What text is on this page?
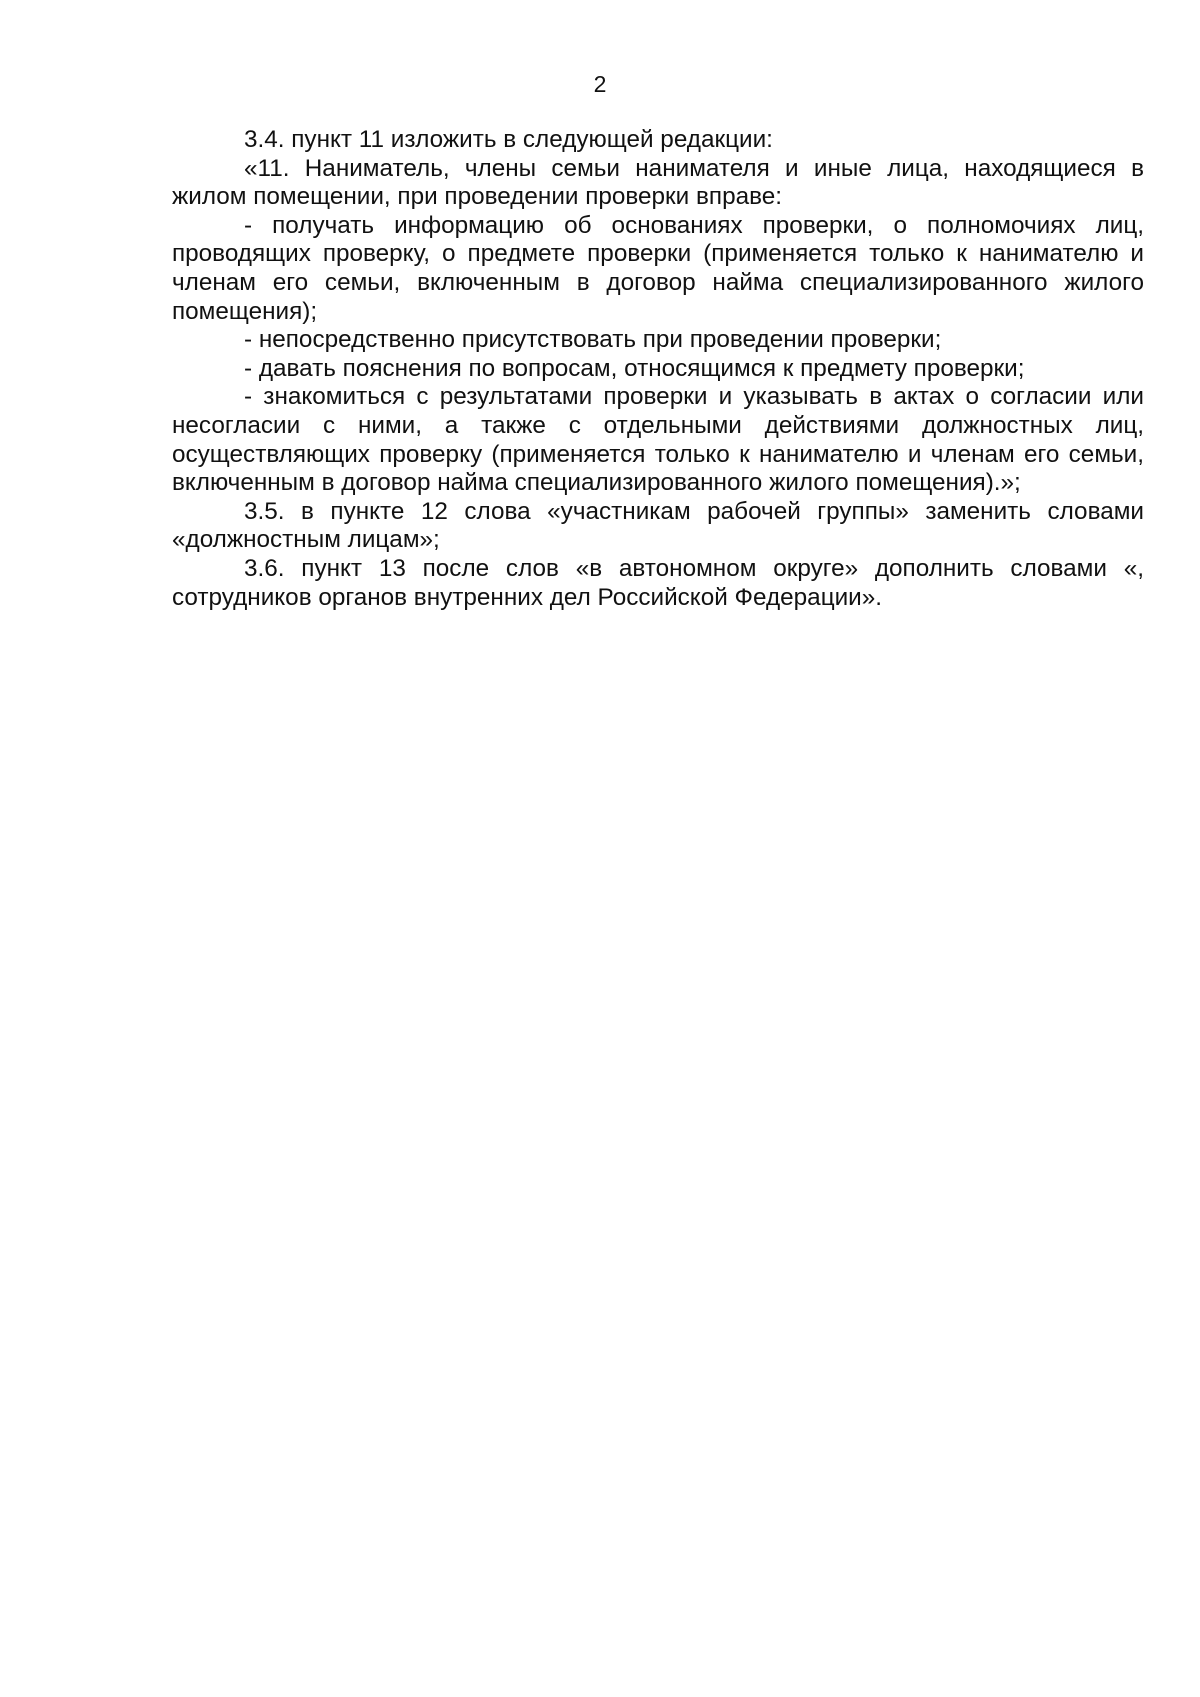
2

3.4. пункт 11 изложить в следующей редакции:

«11. Наниматель, члены семьи нанимателя и иные лица, находящиеся в жилом помещении, при проведении проверки вправе:

- получать информацию об основаниях проверки, о полномочиях лиц, проводящих проверку, о предмете проверки (применяется только к нанимателю и членам его семьи, включенным в договор найма специализированного жилого помещения);

- непосредственно присутствовать при проведении проверки;

- давать пояснения по вопросам, относящимся к предмету проверки;

- знакомиться с результатами проверки и указывать в актах о согласии или несогласии с ними, а также с отдельными действиями должностных лиц, осуществляющих проверку (применяется только к нанимателю и членам его семьи, включенным в договор найма специализированного жилого помещения).»;

3.5. в пункте 12 слова «участникам рабочей группы» заменить словами «должностным лицам»;

3.6. пункт 13 после слов «в автономном округе» дополнить словами «, сотрудников органов внутренних дел Российской Федерации».
